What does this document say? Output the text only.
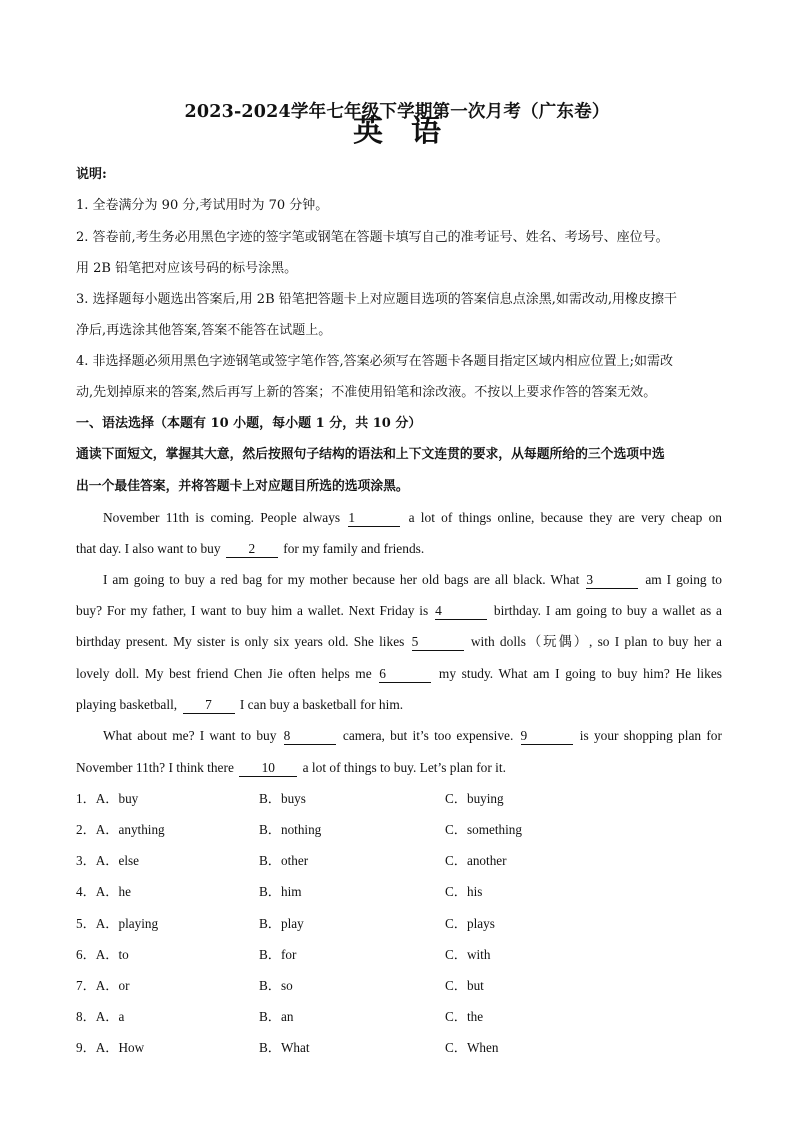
2023-2024学年七年级下学期第一次月考（广东卷）
英语
说明:
1. 全卷满分为 90 分,考试用时为 70 分钟。
2. 答卷前,考生务必用黑色字迹的签字笔或钢笔在答题卡填写自己的准考证号、姓名、考场号、座位号。
用 2B 铅笔把对应该号码的标号涂黑。
3. 选择题每小题选出答案后,用 2B 铅笔把答题卡上对应题目选项的答案信息点涂黑,如需改动,用橡皮擦干
净后,再选涂其他答案,答案不能答在试题上。
4. 非选择题必须用黑色字迹钢笔或签字笔作答,答案必须写在答题卡各题目指定区域内相应位置上;如需改
动,先划掉原来的答案,然后再写上新的答案；不准使用铅笔和涂改液。不按以上要求作答的答案无效。
一、语法选择（本题有 10 小题，每小题 1 分，共 10 分）
通读下面短文，掌握其大意，然后按照句子结构的语法和上下文连贯的要求，从每题所给的三个选项中选
出一个最佳答案，并将答题卡上对应题目所选的选项涂黑。
November 11th is coming. People always 1	a lot of things online, because they are very cheap on
that day. I also want to buy 2 for my family and friends.
I am going to buy a red bag for my mother because her old bags are all black. What 3	am I going to
buy? For my father, I want to buy him a wallet. Next Friday is 4	birthday. I am going to buy a wallet as a
birthday present. My sister is only six years old. She likes 5	with dolls（玩偶）, so I plan to buy her a
lovely doll. My best friend Chen Jie often helps me 6	my study. What am I going to buy him? He likes
playing basketball, 7 I can buy a basketball for him.
What about me? I want to buy 8	camera, but it’s too expensive. 9	is your shopping plan for
November 11th? I think there 10 a lot of things to buy. Let’s plan for it.
1．A．buy	B．buys	C．buying
2．A．anything	B．nothing	C．something
3．A．else	B．other	C．another
4．A．he	B．him	C．his
5．A．playing	B．play	C．plays
6．A．to	B．for	C．with
7．A．or	B．so	C．but
8．A．a	B．an	C．the
9．A．How	B．What	C．When
